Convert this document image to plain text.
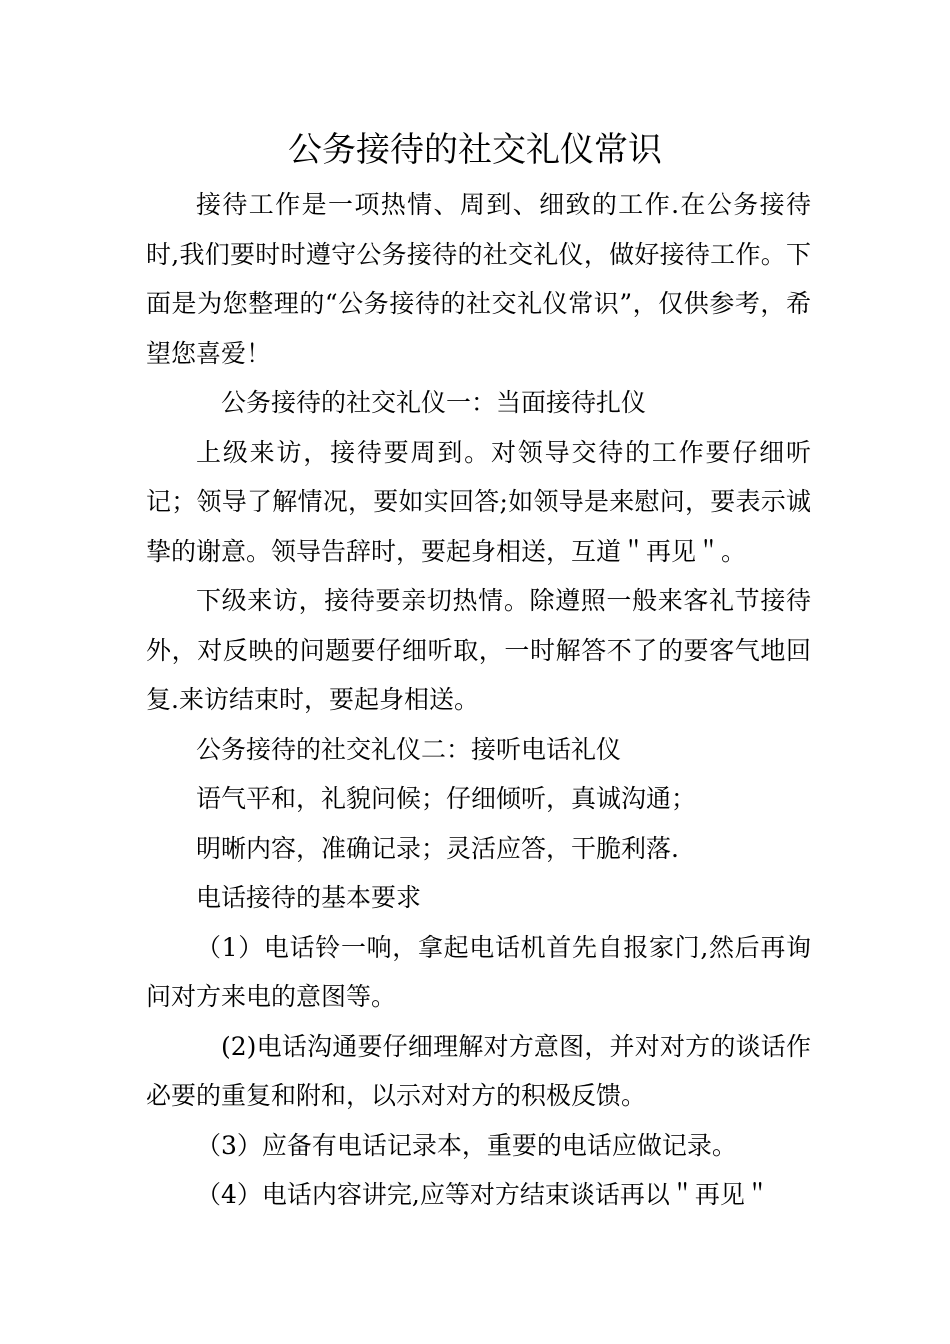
公务接待的社交礼仪常识

接待工作是一项热情、周到、细致的工作.在公务接待时,我们要时时遵守公务接待的社交礼仪，做好接待工作。下面是为您整理的“公务接待的社交礼仪常识”，仅供参考，希望您喜爱！

公务接待的社交礼仪一：当面接待扎仪

上级来访，接待要周到。对领导交待的工作要仔细听记；领导了解情况，要如实回答;如领导是来慰问，要表示诚挚的谢意。领导告辞时，要起身相送，互道＂再见＂。

下级来访，接待要亲切热情。除遵照一般来客礼节接待外，对反映的问题要仔细听取，一时解答不了的要客气地回复.来访结束时，要起身相送。

公务接待的社交礼仪二：接听电话礼仪

语气平和，礼貌问候；仔细倾听，真诚沟通；

明晰内容，准确记录；灵活应答，干脆利落.

电话接待的基本要求

（1）电话铃一响，拿起电话机首先自报家门,然后再询问对方来电的意图等。

(2)电话沟通要仔细理解对方意图，并对对方的谈话作必要的重复和附和，以示对对方的积极反馈。

（3）应备有电话记录本，重要的电话应做记录。

（4）电话内容讲完,应等对方结束谈话再以＂再见＂
